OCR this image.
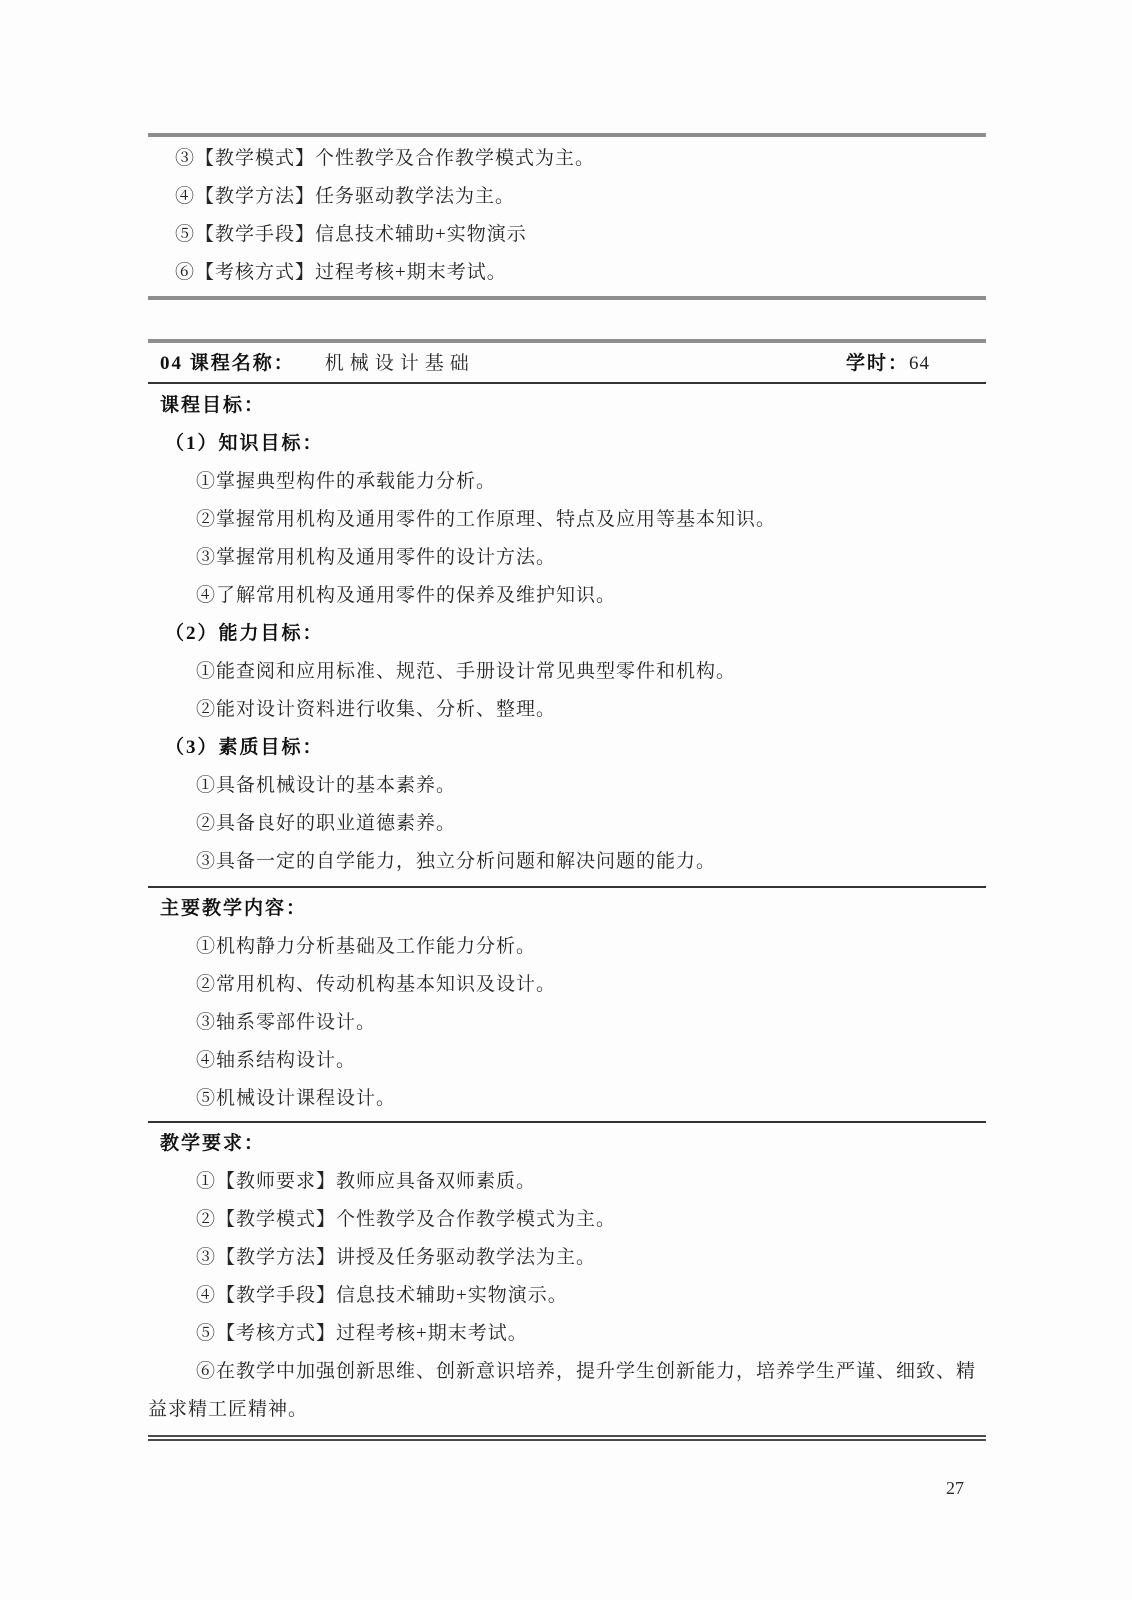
③【教学模式】个性教学及合作教学模式为主。
④【教学方法】任务驱动教学法为主。
⑤【教学手段】信息技术辅助+实物演示
⑥【考核方式】过程考核+期末考试。
04 课程名称： 机械设计基础	学时：64
课程目标：
（1）知识目标：
①掌握典型构件的承载能力分析。
②掌握常用机构及通用零件的工作原理、特点及应用等基本知识。
③掌握常用机构及通用零件的设计方法。
④了解常用机构及通用零件的保养及维护知识。
（2）能力目标：
①能查阅和应用标准、规范、手册设计常见典型零件和机构。
②能对设计资料进行收集、分析、整理。
（3）素质目标：
①具备机械设计的基本素养。
②具备良好的职业道德素养。
③具备一定的自学能力，独立分析问题和解决问题的能力。
主要教学内容：
①机构静力分析基础及工作能力分析。
②常用机构、传动机构基本知识及设计。
③轴系零部件设计。
④轴系结构设计。
⑤机械设计课程设计。
教学要求：
①【教师要求】教师应具备双师素质。
②【教学模式】个性教学及合作教学模式为主。
③【教学方法】讲授及任务驱动教学法为主。
④【教学手段】信息技术辅助+实物演示。
⑤【考核方式】过程考核+期末考试。
⑥在教学中加强创新思维、创新意识培养，提升学生创新能力，培养学生严谨、细致、精益求精工匠精神。
27
